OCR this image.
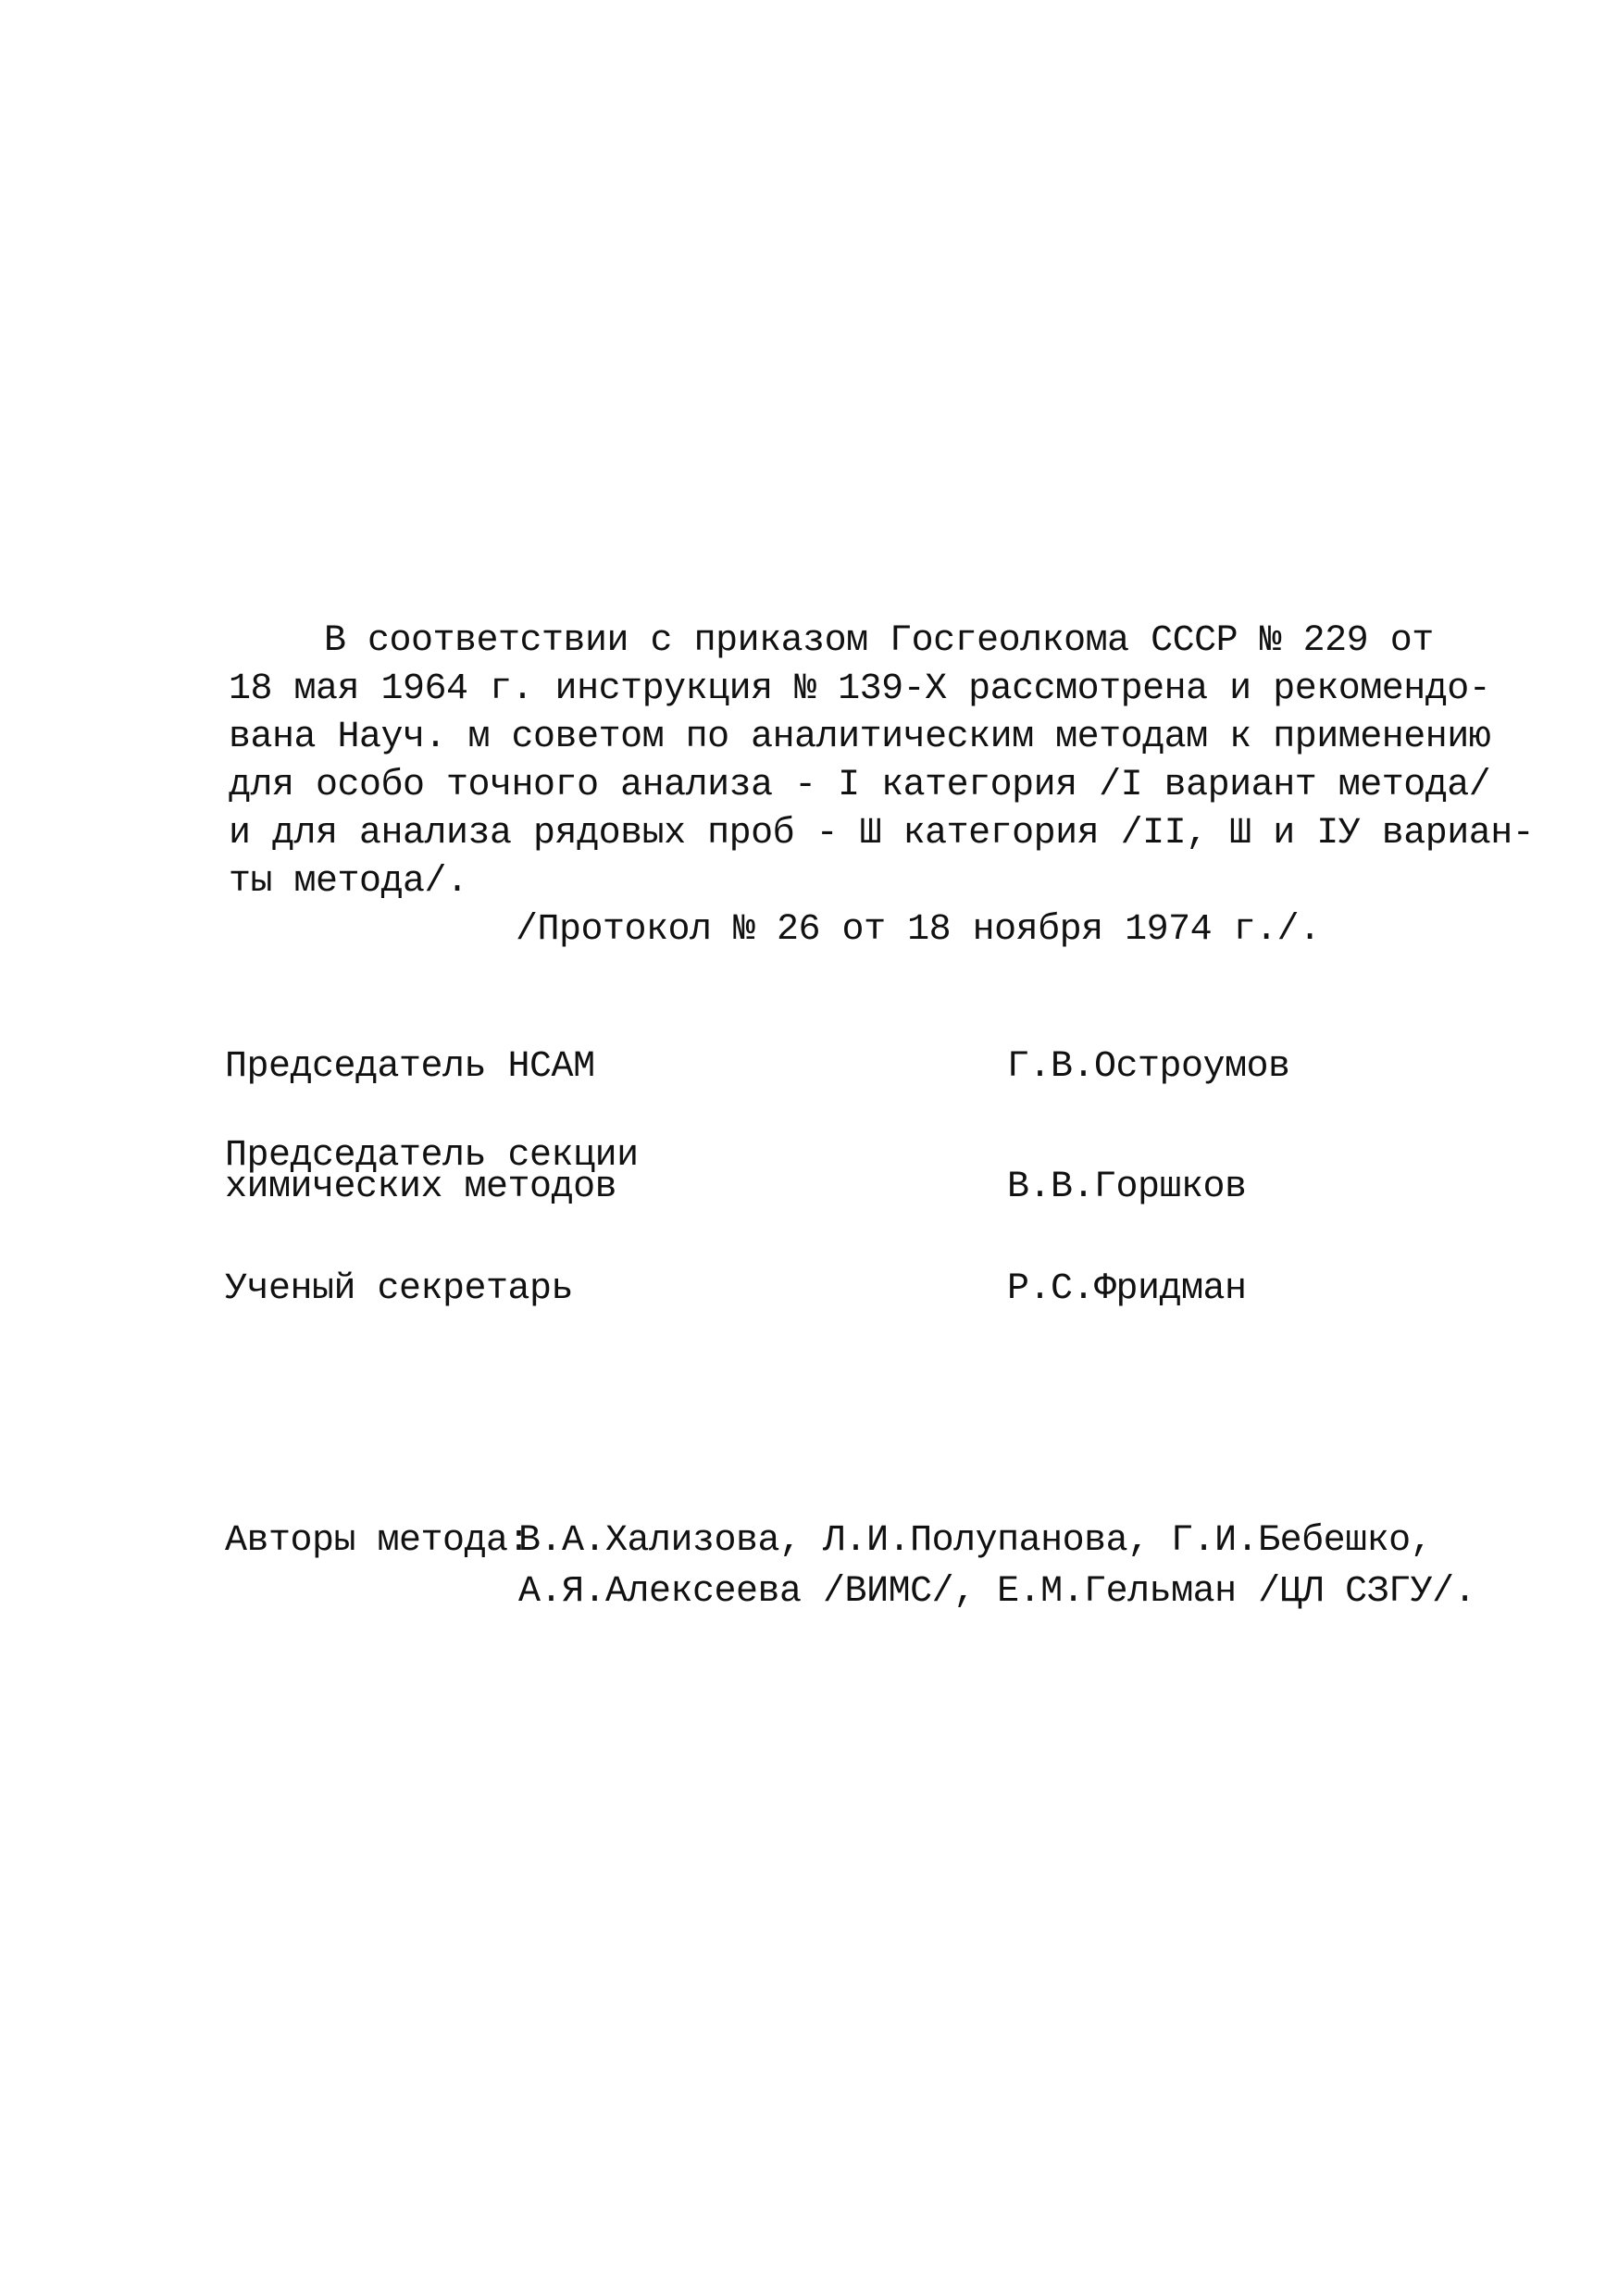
В соответствии с приказом Госгеолкома СССР № 229 от
18 мая 1964 г. инструкция № 139-Х рассмотрена и рекомендо-
вана Науч. м советом по аналитическим методам к применению
для особо точного анализа - I категория /I вариант метода/
и для анализа рядовых проб - Ш категория /II, Ш и IУ вариан-
ты метода/.
/Протокол № 26 от 18 ноября 1974 г./.
Председатель НСАМ	Г.В.Остроумов
Председатель секции
химических методов	В.В.Горшков
Ученый секретарь	Р.С.Фридман
Авторы метода:
В.А.Хализова, Л.И.Полупанова, Г.И.Бебешко,
А.Я.Алексеева /ВИМС/, Е.М.Гельман /ЦЛ СЗГУ/.
